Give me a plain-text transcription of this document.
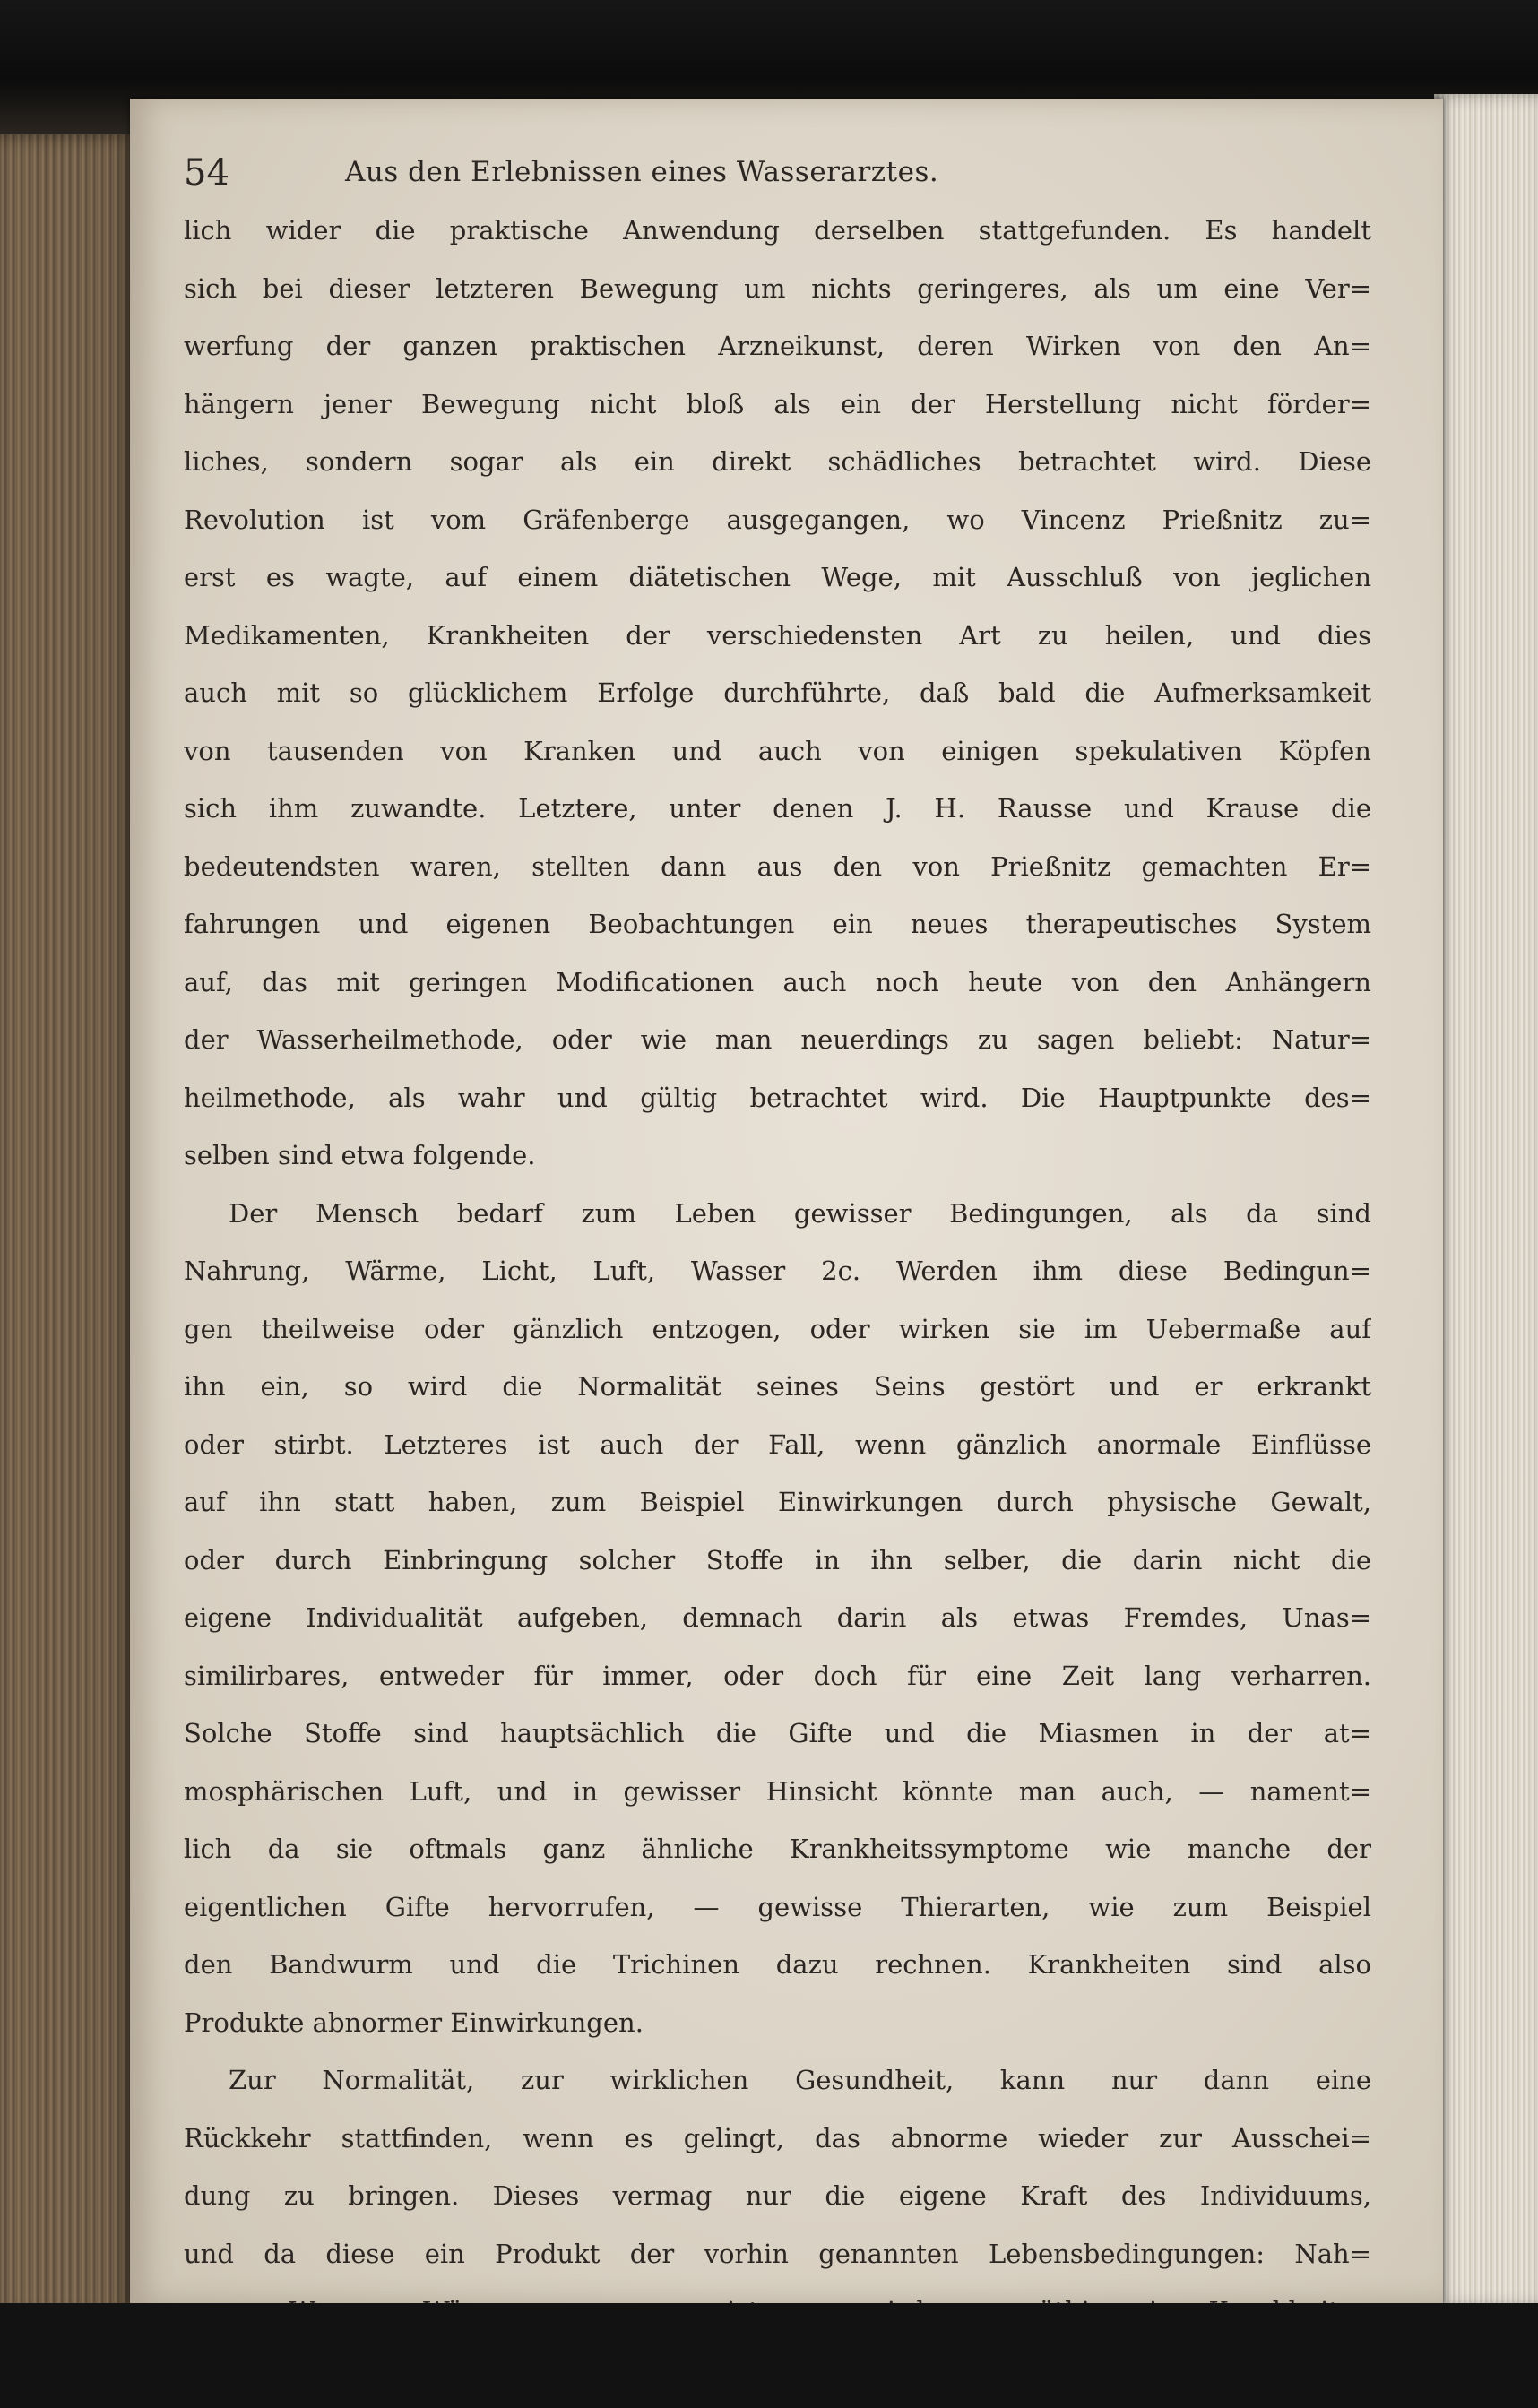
54	Aus den Erlebnissen eines Wasserarztes.
lich wider die praktische Anwendung derselben stattgefunden. Es handelt
sich bei dieser letzteren Bewegung um nichts geringeres, als um eine Ver=
werfung der ganzen praktischen Arzneikunst, deren Wirken von den An=
hängern jener Bewegung nicht bloß als ein der Herstellung nicht förder=
liches, sondern sogar als ein direkt schädliches betrachtet wird. Diese
Revolution ist vom Gräfenberge ausgegangen, wo Vincenz Prießnitz zu=
erst es wagte, auf einem diätetischen Wege, mit Ausschluß von jeglichen
Medikamenten, Krankheiten der verschiedensten Art zu heilen, und dies
auch mit so glücklichem Erfolge durchführte, daß bald die Aufmerksamkeit
von tausenden von Kranken und auch von einigen spekulativen Köpfen
sich ihm zuwandte. Letztere, unter denen J. H. Rausse und Krause die
bedeutendsten waren, stellten dann aus den von Prießnitz gemachten Er=
fahrungen und eigenen Beobachtungen ein neues therapeutisches System
auf, das mit geringen Modificationen auch noch heute von den Anhängern
der Wasserheilmethode, oder wie man neuerdings zu sagen beliebt: Natur=
heilmethode, als wahr und gültig betrachtet wird. Die Hauptpunkte des=
selben sind etwa folgende.
Der Mensch bedarf zum Leben gewisser Bedingungen, als da sind
Nahrung, Wärme, Licht, Luft, Wasser 2c. Werden ihm diese Bedingun=
gen theilweise oder gänzlich entzogen, oder wirken sie im Uebermaße auf
ihn ein, so wird die Normalität seines Seins gestört und er erkrankt
oder stirbt. Letzteres ist auch der Fall, wenn gänzlich anormale Einflüsse
auf ihn statt haben, zum Beispiel Einwirkungen durch physische Gewalt,
oder durch Einbringung solcher Stoffe in ihn selber, die darin nicht die
eigene Individualität aufgeben, demnach darin als etwas Fremdes, Unas=
similirbares, entweder für immer, oder doch für eine Zeit lang verharren.
Solche Stoffe sind hauptsächlich die Gifte und die Miasmen in der at=
mosphärischen Luft, und in gewisser Hinsicht könnte man auch, — nament=
lich da sie oftmals ganz ähnliche Krankheitssymptome wie manche der
eigentlichen Gifte hervorrufen, — gewisse Thierarten, wie zum Beispiel
den Bandwurm und die Trichinen dazu rechnen. Krankheiten sind also
Produkte abnormer Einwirkungen.
Zur Normalität, zur wirklichen Gesundheit, kann nur dann eine
Rückkehr stattfinden, wenn es gelingt, das abnorme wieder zur Ausschei=
dung zu bringen. Dieses vermag nur die eigene Kraft des Individuums,
und da diese ein Produkt der vorhin genannten Lebensbedingungen: Nah=
